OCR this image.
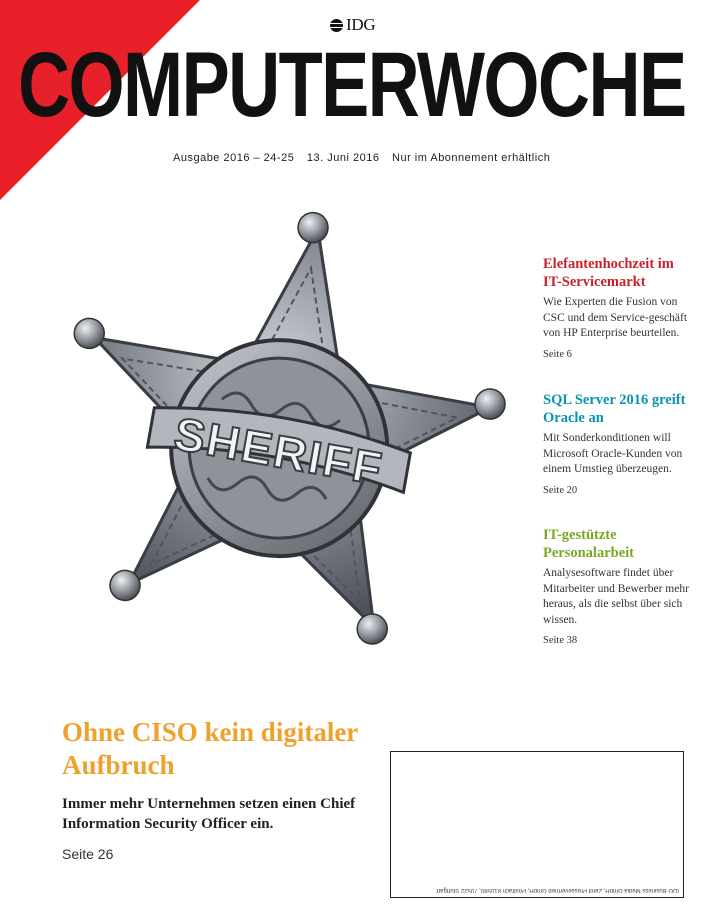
IDG
COMPUTERWOCHE
Ausgabe 2016 – 24-25 13. Juni 2016 Nur im Abonnement erhältlich
SHERIFF
Elefantenhochzeit im IT-Servicemarkt

Wie Experten die Fusion von CSC und dem Service-geschäft von HP Enterprise beurteilen.

Seite 6

SQL Server 2016 greift Oracle an

Mit Sonderkonditionen will Microsoft Oracle-Kunden von einem Umstieg überzeugen.

Seite 20

IT-gestützte Personalarbeit

Analysesoftware findet über Mitarbeiter und Bewerber mehr heraus, als die selbst über sich wissen.

Seite 38

Ohne CISO kein digitaler Aufbruch

Immer mehr Unternehmen setzen einen Chief Information Security Officer ein.

Seite 26

IDG Business Media GmbH, Zenit Pressevertrieb GmbH, Postfach 810580, 70522 Stuttgart
